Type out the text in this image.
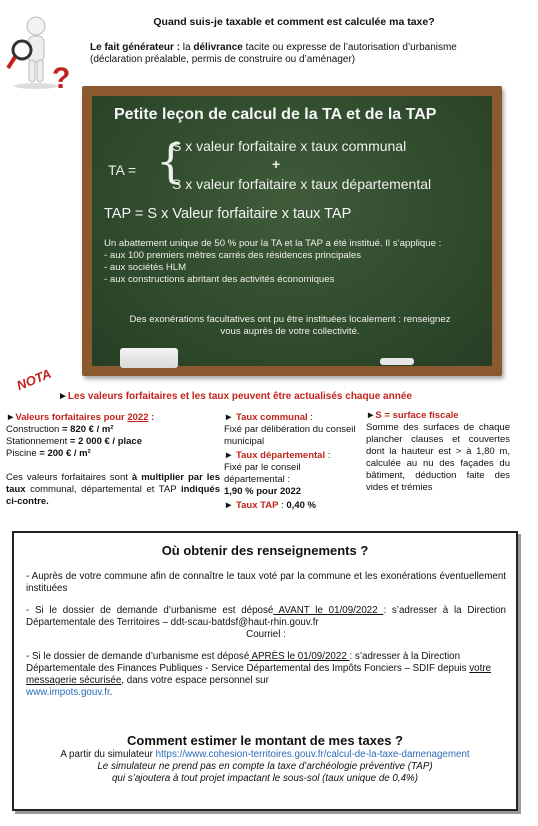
?
Quand suis-je taxable et comment est calculée ma taxe?
Le fait générateur : la délivrance tacite ou expresse de l’autorisation d’urbanisme (déclaration préalable, permis de construire ou d’aménager)
Petite leçon de calcul de la TA et de la TAP
TA = {
S x valeur forfaitaire x taux communal
+
S x valeur forfaitaire x taux départemental
TAP = S x Valeur forfaitaire x taux TAP
Un abattement unique de 50 % pour la TA et la TAP a été institué. Il s’applique :
- aux 100 premiers mètres carrés des résidences principales
- aux sociétés HLM
- aux constructions abritant des activités économiques
Des exonérations facultatives ont pu être instituées localement : renseignez vous auprès de votre collectivité.
NOTA
►Les valeurs forfaitaires et les taux peuvent être actualisés chaque année

►Valeurs forfaitaires pour 2022 :

Construction = 820 € / m²

Stationnement = 2 000 € / place

Piscine = 200 € / m²

Ces valeurs forfaitaires sont à multiplier par les taux communal, départemental et TAP indiqués ci-contre.

► Taux communal :

Fixé par délibération du conseil municipal

► Taux départemental :

Fixé par le conseil départemental :

1,90 % pour 2022

► Taux TAP : 0,40 %

►S = surface fiscale

Somme des surfaces de chaque plancher clauses et couvertes dont la hauteur est > à 1,80 m, calculée au nu des façades du bâtiment, déduction faite des vides et trémies

Où obtenir des renseignements ?

- Auprès de votre commune afin de connaître le taux voté par la commune et les exonérations éventuellement instituées

- Si le dossier de demande d’urbanisme est déposé AVANT le 01/09/2022 : s’adresser à la Direction Départementale des Territoires – ddt-scau-batdsf@haut-rhin.gouv.fr

Courriel :

- Si le dossier de demande d’urbanisme est déposé APRÈS le 01/09/2022 : s’adresser à la Direction Départementale des Finances Publiques - Service Départemental des Impôts Fonciers – SDIF depuis votre messagerie sécurisée, dans votre espace personnel sur
www.impots.gouv.fr.

Comment estimer le montant de mes taxes ?
A partir du simulateur https://www.cohesion-territoires.gouv.fr/calcul-de-la-taxe-damenagement
Le simulateur ne prend pas en compte la taxe d’archéologie préventive (TAP)
qui s’ajoutera à tout projet impactant le sous-sol (taux unique de 0,4%)
